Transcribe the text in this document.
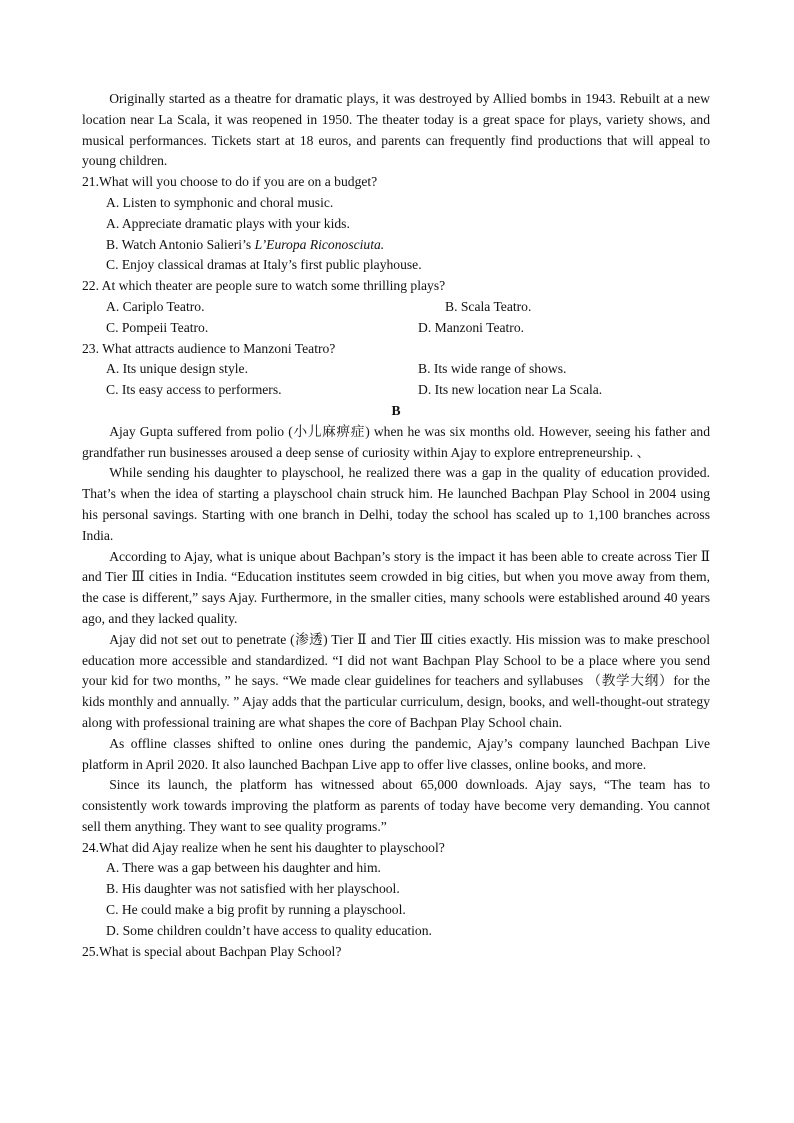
Originally started as a theatre for dramatic plays, it was destroyed by Allied bombs in 1943. Rebuilt at a new location near La Scala, it was reopened in 1950. The theater today is a great space for plays, variety shows, and musical performances. Tickets start at 18 euros, and parents can frequently find productions that will appeal to young children.

21.What will you choose to do if you are on a budget?

A. Listen to symphonic and choral music.

A. Appreciate dramatic plays with your kids.

B. Watch Antonio Salieri’s L’Europa Riconosciuta.

C. Enjoy classical dramas at Italy’s first public playhouse.

22. At which theater are people sure to watch some thrilling plays?

A. Cariplo Teatro.	B. Scala Teatro.
C. Pompeii Teatro.	D. Manzoni Teatro.

23. What attracts audience to Manzoni Teatro?

A. Its unique design style.	B. Its wide range of shows.
C. Its easy access to performers.	D. Its new location near La Scala.

B

Ajay Gupta suffered from polio (小儿麻痹症) when he was six months old. However, seeing his father and grandfather run businesses aroused a deep sense of curiosity within Ajay to explore entrepreneurship. 、

While sending his daughter to playschool, he realized there was a gap in the quality of education provided. That’s when the idea of starting a playschool chain struck him. He launched Bachpan Play School in 2004 using his personal savings. Starting with one branch in Delhi, today the school has scaled up to 1,100 branches across India.

According to Ajay, what is unique about Bachpan’s story is the impact it has been able to create across Tier Ⅱ and Tier Ⅲ cities in India. “Education institutes seem crowded in big cities, but when you move away from them, the case is different,” says Ajay. Furthermore, in the smaller cities, many schools were established around 40 years ago, and they lacked quality.

Ajay did not set out to penetrate (渗透) Tier Ⅱ and Tier Ⅲ cities exactly. His mission was to make preschool education more accessible and standardized. “I did not want Bachpan Play School to be a place where you send your kid for two months, ” he says. “We made clear guidelines for teachers and syllabuses （教学大纲）for the kids monthly and annually. ” Ajay adds that the particular curriculum, design, books, and well-thought-out strategy along with professional training are what shapes the core of Bachpan Play School chain.

As offline classes shifted to online ones during the pandemic, Ajay’s company launched Bachpan Live platform in April 2020. It also launched Bachpan Live app to offer live classes, online books, and more.

Since its launch, the platform has witnessed about 65,000 downloads. Ajay says, “The team has to consistently work towards improving the platform as parents of today have become very demanding. You cannot sell them anything. They want to see quality programs.”

24.What did Ajay realize when he sent his daughter to playschool?

A. There was a gap between his daughter and him.

B. His daughter was not satisfied with her playschool.

C. He could make a big profit by running a playschool.

D. Some children couldn’t have access to quality education.

25.What is special about Bachpan Play School?
